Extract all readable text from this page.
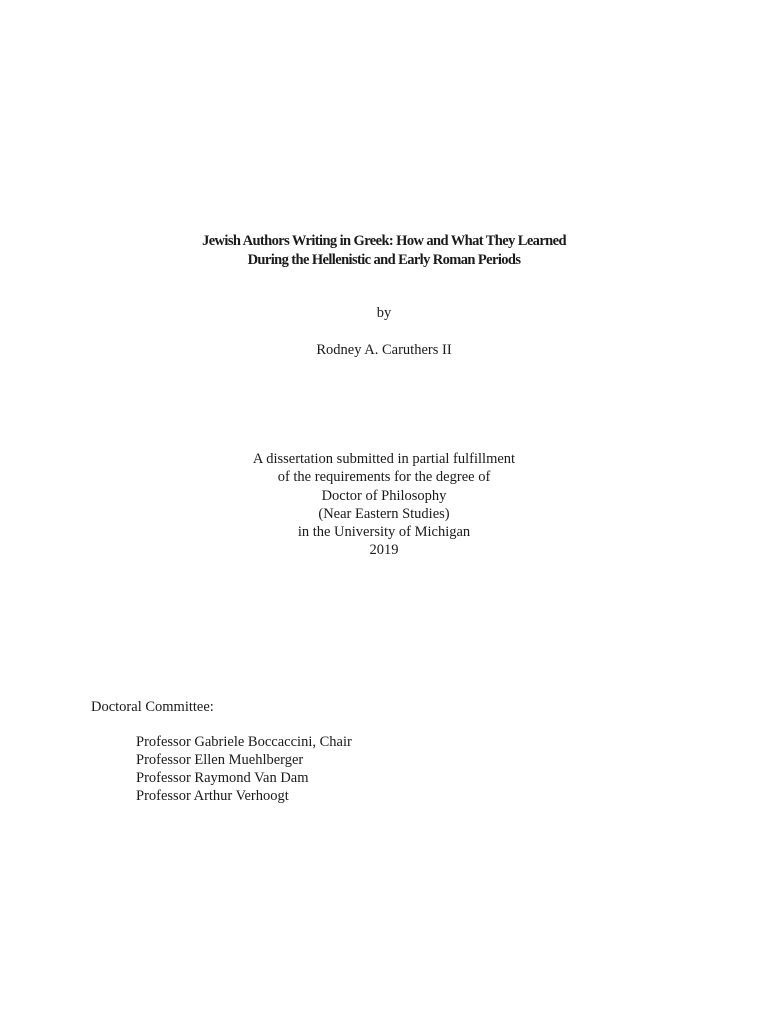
Jewish Authors Writing in Greek: How and What They Learned
During the Hellenistic and Early Roman Periods
by
Rodney A. Caruthers II
A dissertation submitted in partial fulfillment
of the requirements for the degree of
Doctor of Philosophy
(Near Eastern Studies)
in the University of Michigan
2019
Doctoral Committee:
Professor Gabriele Boccaccini, Chair
Professor Ellen Muehlberger
Professor Raymond Van Dam
Professor Arthur Verhoogt
